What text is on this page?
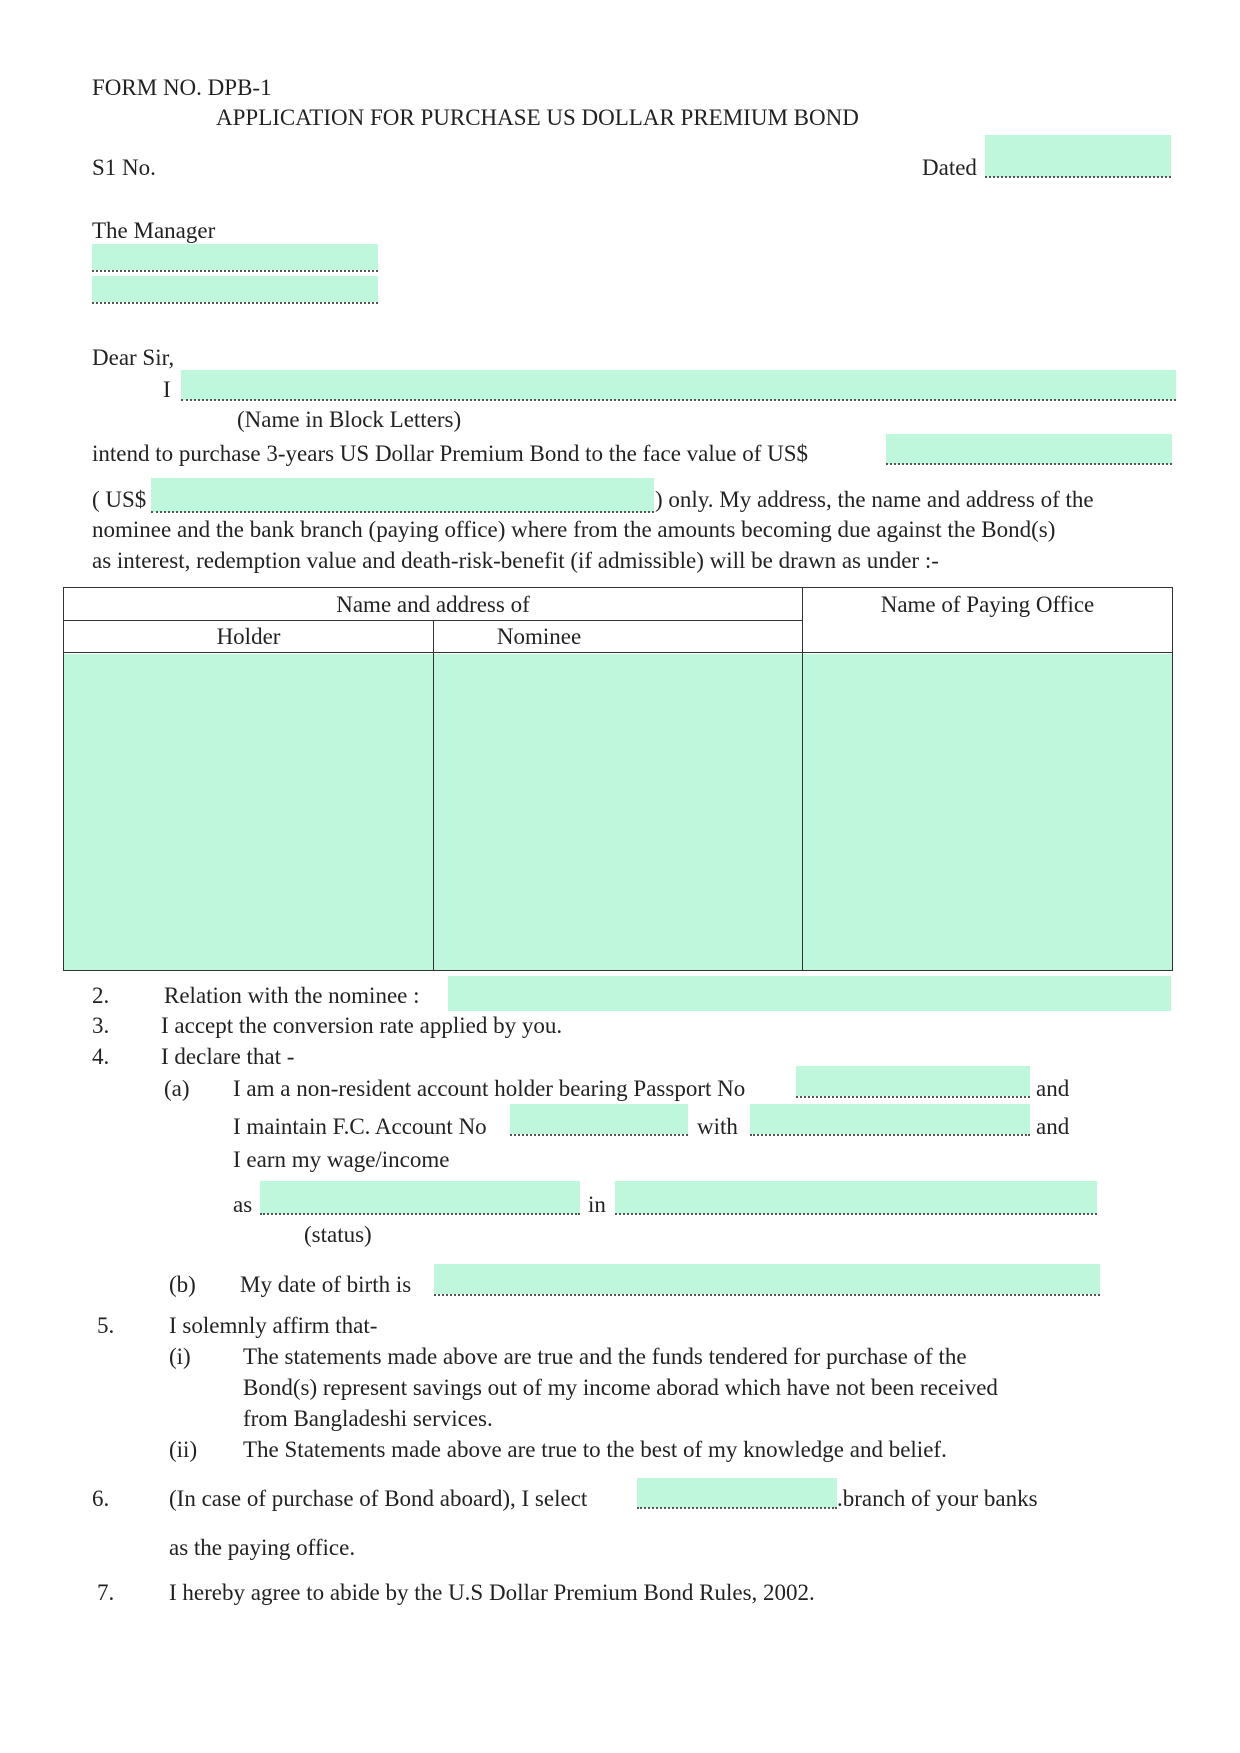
FORM NO. DPB-1
APPLICATION FOR PURCHASE US DOLLAR PREMIUM BOND
S1 No.	Dated
The Manager
Dear Sir,
I
(Name in Block Letters)
intend to purchase 3-years US Dollar Premium Bond to the face value of US$
( US$	) only. My address, the name and address of the
nominee and the bank branch (paying office) where from the amounts becoming due against the Bond(s)
as interest, redemption value and death-risk-benefit (if admissible) will be drawn as under :-
Name and address of
Holder	Nominee
Name of Paying Office
2. Relation with the nominee :
3. I accept the conversion rate applied by you.
4. I declare that -
(a) I am a non-resident account holder bearing Passport No	and
I maintain F.C. Account No	with	and
I earn my wage/income
as	in
(status)
(b) My date of birth is
5. I solemnly affirm that-
(i) The statements made above are true and the funds tendered for purchase of the
Bond(s) represent savings out of my income aborad which have not been received
from Bangladeshi services.
(ii) The Statements made above are true to the best of my knowledge and belief.
6.	(In case of purchase of Bond aboard), I select	.branch of your banks
as the paying office.
7. I hereby agree to abide by the U.S Dollar Premium Bond Rules, 2002.
